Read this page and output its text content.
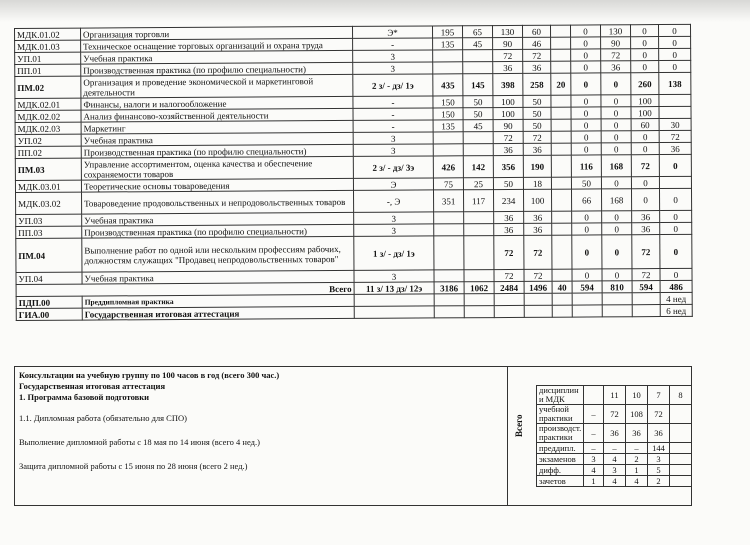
МДК.01.02	Организация торговли	Э*	195	65	130	60		0	130	0	0
МДК.01.03	Техническое оснащение торговых организаций и охрана труда	-	135	45	90	46		0	90	0	0
УП.01	Учебная практика	3			72	72		0	72	0	0
ПП.01	Производственная практика (по профилю специальности)	3			36	36		0	36	0	0
ПМ.02	Организация и проведение экономической и маркетинговой деятельности	2 з/ - дз/ 1э	435	145	398	258	20	0	0	260	138
МДК.02.01	Финансы, налоги и налогообложение	-	150	50	100	50		0	0	100	
МДК.02.02	Анализ финансово-хозяйственной деятельности	-	150	50	100	50		0	0	100	
МДК.02.03	Маркетинг	-	135	45	90	50		0	0	60	30
УП.02	Учебная практика	3			72	72		0	0	0	72
ПП.02	Производственная практика (по профилю специальности)	3			36	36		0	0	0	36
ПМ.03	Управление ассортиментом, оценка качества и обеспечение сохраняемости товаров	2 з/ - дз/ 3э	426	142	356	190		116	168	72	0
МДК.03.01	Теоретические основы товароведения	Э	75	25	50	18		50	0	0	
МДК.03.02	Товароведение продовольственных и непродовольственных товаров	-, Э	351	117	234	100		66	168	0	0
УП.03	Учебная практика	3			36	36		0	0	36	0
ПП.03	Производственная практика (по профилю специальности)	3			36	36		0	0	36	0
ПМ.04	Выполнение работ по одной или нескольким профессиям рабочих, должностям служащих "Продавец непродовольственных товаров"	1 з/ - дз/ 1э			72	72		0	0	72	0
УП.04	Учебная практика	3			72	72		0	0	72	0
Всего		11 з/ 13 дз/ 12э	3186	1062	2484	1496	40	594	810	594	486
ПДП.00	Преддипломная практика										4 нед
ГИА.00	Государственная итоговая аттестация										6 нед
Консультации на учебную группу по 100 часов в год (всего 300 час.)
Государственная итоговая аттестация
1. Программа базовой подготовки
1.1. Дипломная работа (обязательно для СПО)
Выполнение дипломной работы с 18 мая по 14 июня (всего 4 нед.)
Защита дипломной работы с 15 июня по 28 июня (всего 2 нед.)
Всего
дисциплин и МДК		11	10	7	8
учебной практики	–	72	108	72	
производст. практики	–	36	36	36	
преддипл.	–	–	–	144	
экзаменов	3	4	2	3	
дифф.	4	3	1	5	
зачетов	1	4	4	2	
